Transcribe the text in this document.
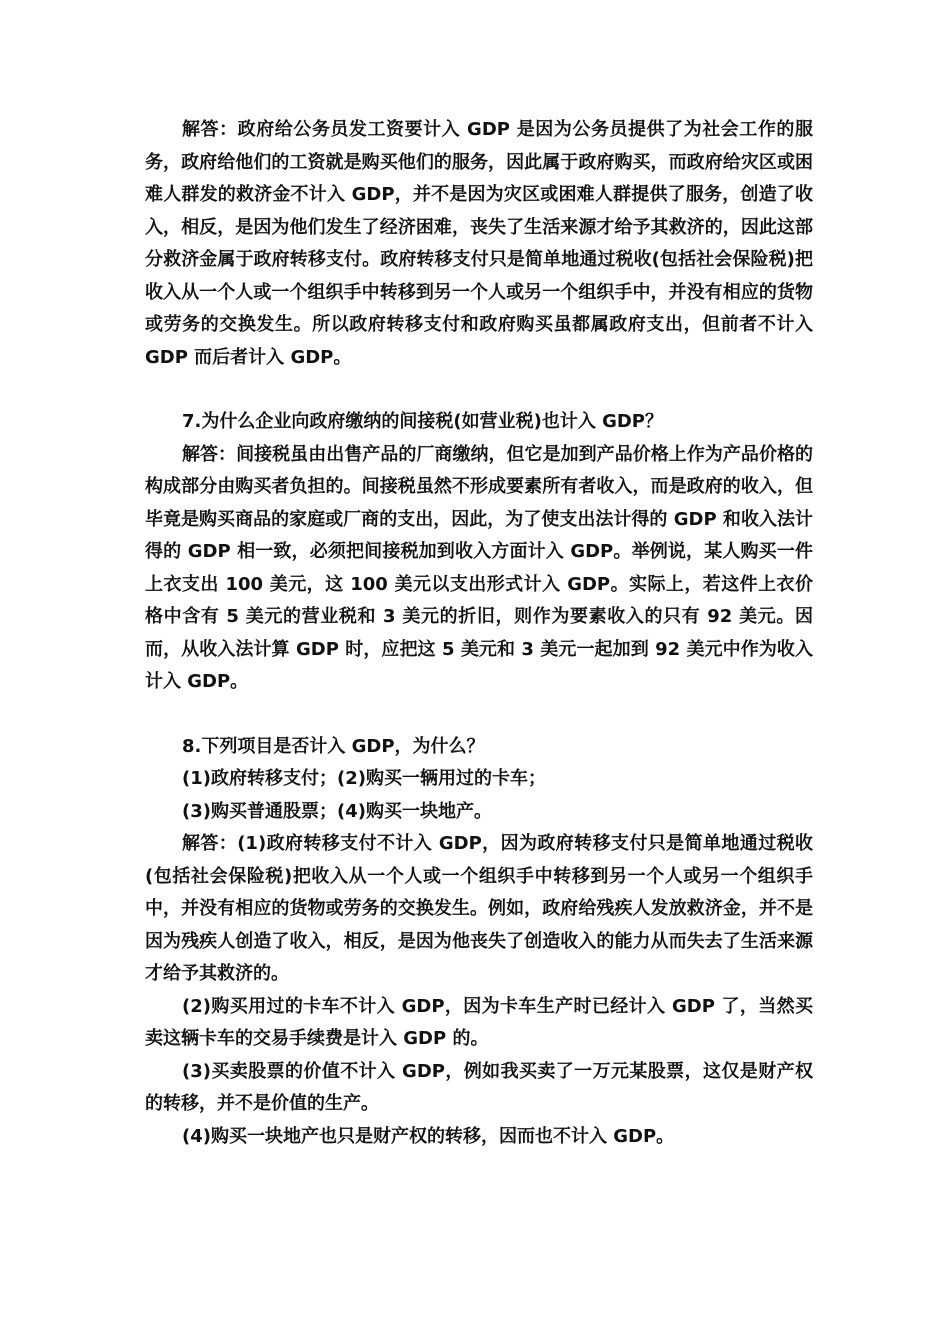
解答：政府给公务员发工资要计入 GDP 是因为公务员提供了为社会工作的服务，政府给他们的工资就是购买他们的服务，因此属于政府购买，而政府给灾区或困难人群发的救济金不计入 GDP，并不是因为灾区或困难人群提供了服务，创造了收入，相反，是因为他们发生了经济困难，丧失了生活来源才给予其救济的，因此这部分救济金属于政府转移支付。政府转移支付只是简单地通过税收(包括社会保险税)把收入从一个人或一个组织手中转移到另一个人或另一个组织手中，并没有相应的货物或劳务的交换发生。所以政府转移支付和政府购买虽都属政府支出，但前者不计入 GDP 而后者计入 GDP。

7.为什么企业向政府缴纳的间接税(如营业税)也计入 GDP？

解答：间接税虽由出售产品的厂商缴纳，但它是加到产品价格上作为产品价格的构成部分由购买者负担的。间接税虽然不形成要素所有者收入，而是政府的收入，但毕竟是购买商品的家庭或厂商的支出，因此，为了使支出法计得的 GDP 和收入法计得的 GDP 相一致，必须把间接税加到收入方面计入 GDP。举例说，某人购买一件上衣支出 100 美元，这 100 美元以支出形式计入 GDP。实际上，若这件上衣价格中含有 5 美元的营业税和 3 美元的折旧，则作为要素收入的只有 92 美元。因而，从收入法计算 GDP 时，应把这 5 美元和 3 美元一起加到 92 美元中作为收入计入 GDP。

8.下列项目是否计入 GDP，为什么？

(1)政府转移支付；(2)购买一辆用过的卡车；

(3)购买普通股票；(4)购买一块地产。

解答：(1)政府转移支付不计入 GDP，因为政府转移支付只是简单地通过税收(包括社会保险税)把收入从一个人或一个组织手中转移到另一个人或另一个组织手中，并没有相应的货物或劳务的交换发生。例如，政府给残疾人发放救济金，并不是因为残疾人创造了收入，相反，是因为他丧失了创造收入的能力从而失去了生活来源才给予其救济的。

(2)购买用过的卡车不计入 GDP，因为卡车生产时已经计入 GDP 了，当然买卖这辆卡车的交易手续费是计入 GDP 的。

(3)买卖股票的价值不计入 GDP，例如我买卖了一万元某股票，这仅是财产权的转移，并不是价值的生产。

(4)购买一块地产也只是财产权的转移，因而也不计入 GDP。
